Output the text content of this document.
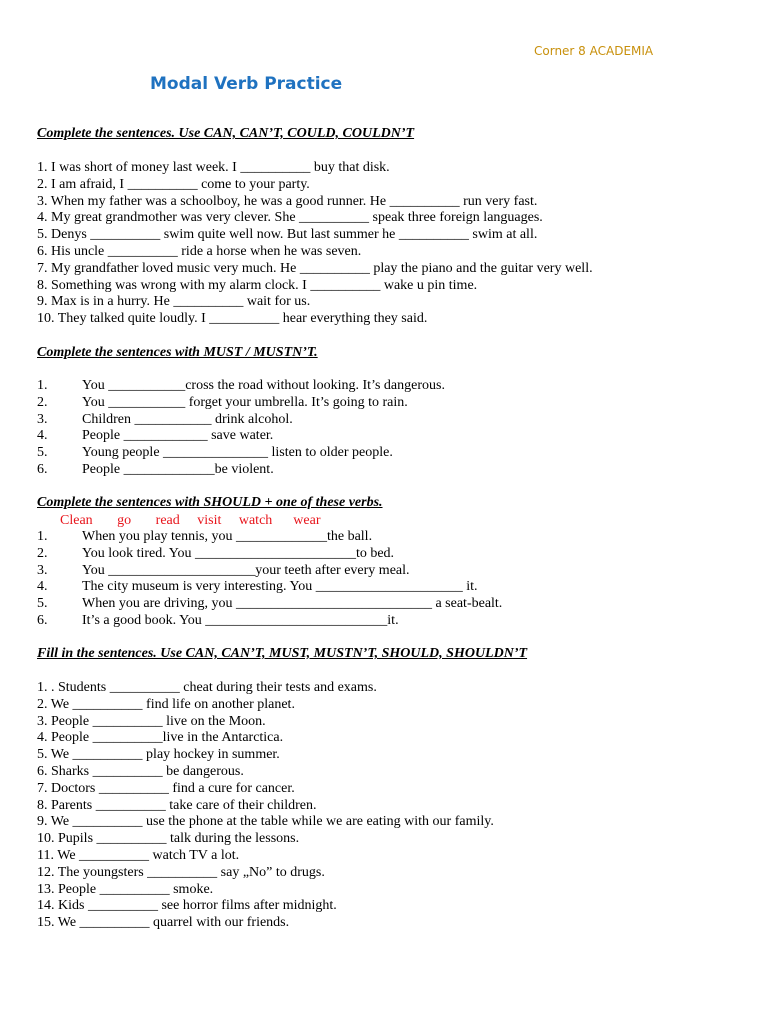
Corner 8 ACADEMIA
Modal Verb Practice
Complete the sentences. Use CAN, CAN’T, COULD, COULDN’T
1. I was short of money last week. I __________ buy that disk.
2. I am afraid, I __________ come to your party.
3. When my father was a schoolboy, he was a good runner. He __________ run very fast.
4. My great grandmother was very clever. She __________ speak three foreign languages.
5. Denys __________ swim quite well now. But last summer he __________ swim at all.
6. His uncle __________ ride a horse when he was seven.
7. My grandfather loved music very much. He __________ play the piano and the guitar very well.
8. Something was wrong with my alarm clock. I __________ wake u pin time.
9. Max is in a hurry. He __________ wait for us.
10. They talked quite loudly. I __________ hear everything they said.
Complete the sentences with MUST / MUSTN’T.
1.	You ___________cross the road without looking. It’s dangerous.
2.	You ___________ forget your umbrella. It’s going to rain.
3.	Children ___________ drink alcohol.
4.	People ____________ save water.
5.	Young people _______________ listen to older people.
6.	People _____________be violent.
Complete the sentences with SHOULD + one of these verbs.
Clean       go       read     visit     watch      wear
1.	When you play tennis, you _____________the ball.
2.	You look tired. You _______________________to bed.
3.	You _____________________your teeth after every meal.
4.	The city museum is very interesting. You _____________________ it.
5.	When you are driving, you ____________________________ a seat-bealt.
6.	It’s a good book. You __________________________it.
Fill in the sentences. Use CAN, CAN’T, MUST, MUSTN’T, SHOULD, SHOULDN’T
1. . Students __________ cheat during their tests and exams.
2. We __________ find life on another planet.
3. People __________ live on the Moon.
4. People __________live in the Antarctica.
5. We __________ play hockey in summer.
6. Sharks __________ be dangerous.
7. Doctors __________ find a cure for cancer.
8. Parents __________ take care of their children.
9. We __________ use the phone at the table while we are eating with our family.
10. Pupils __________ talk during the lessons.
11. We __________ watch TV a lot.
12. The youngsters __________ say „No” to drugs.
13. People __________ smoke.
14. Kids __________ see horror films after midnight.
15. We __________ quarrel with our friends.
